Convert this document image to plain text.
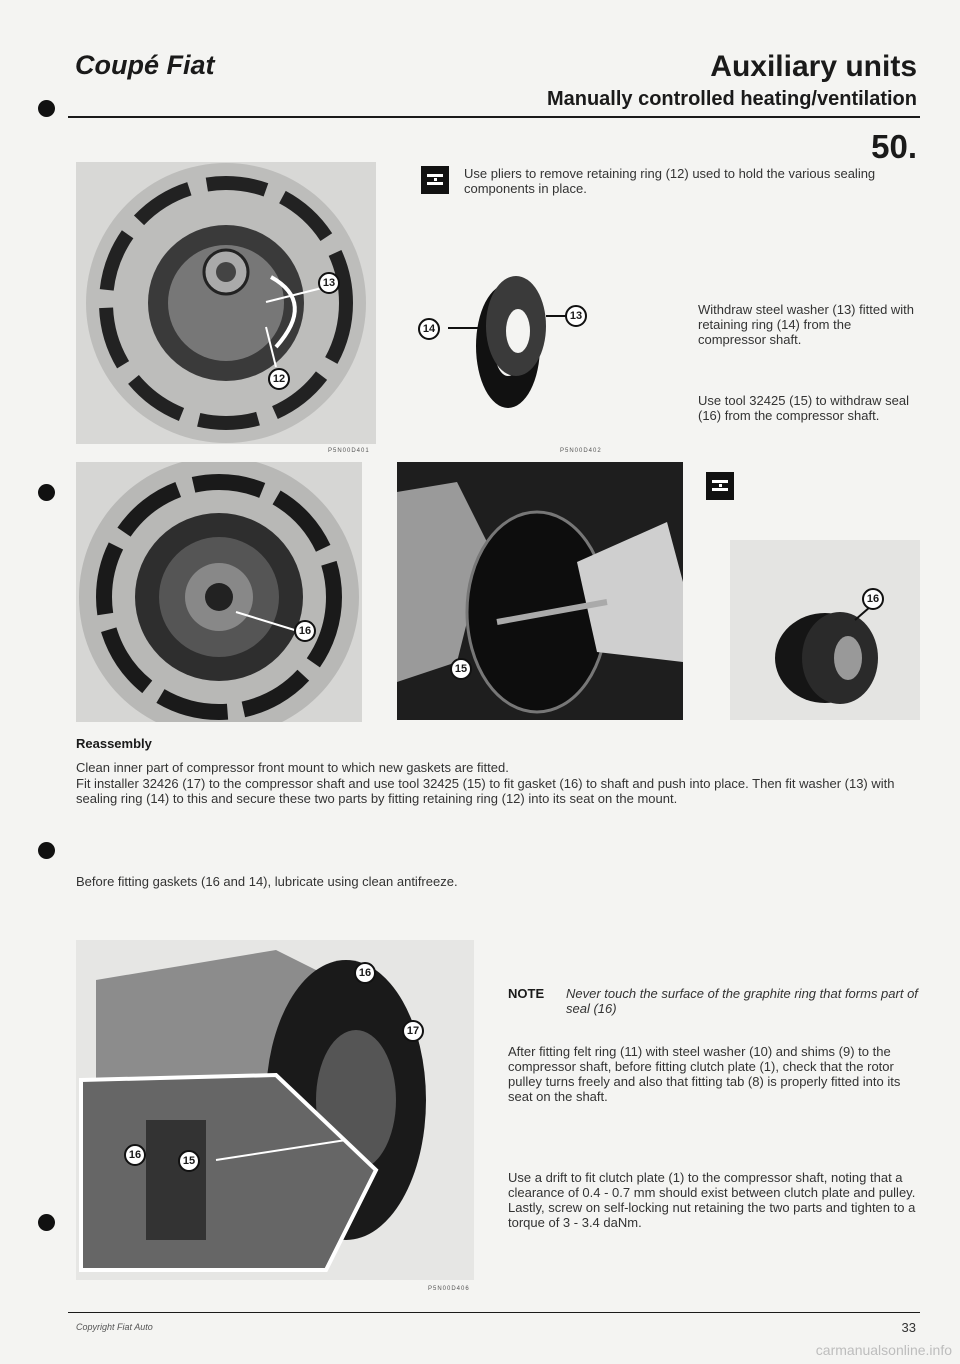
Coupé Fiat	Auxiliary units
Manually controlled heating/ventilation
50.
13
12
P5N00D401
Use pliers to remove retaining ring (12) used to hold the various sealing components in place.
14
13
P5N00D402
Withdraw steel washer (13) fitted with retaining ring (14) from the compressor shaft.
Use tool 32425 (15) to withdraw seal (16) from the compressor shaft.
16
15
16
Reassembly
Clean inner part of compressor front mount to which new gaskets are fitted.
Fit installer 32426 (17) to the compressor shaft and use tool 32425 (15) to fit gasket (16) to shaft and push into place. Then fit washer (13) with sealing ring (14) to this and secure these two parts by fitting retaining ring (12) into its seat on the mount.
Before fitting gaskets (16 and 14), lubricate using clean antifreeze.
16
17
16	15
P5N00D406
NOTE Never touch the surface of the graphite ring that forms part of seal (16)
After fitting felt ring (11) with steel washer (10) and shims (9) to the compressor shaft, before fitting clutch plate (1), check that the rotor pulley turns freely and also that fitting tab (8) is properly fitted into its seat on the shaft.
Use a drift to fit clutch plate (1) to the compressor shaft, noting that a clearance of 0.4 - 0.7 mm should exist between clutch plate and pulley. Lastly, screw on self-locking nut retaining the two parts and tighten to a torque of 3 - 3.4 daNm.
Copyright Fiat Auto	33
carmanualsonline.info
